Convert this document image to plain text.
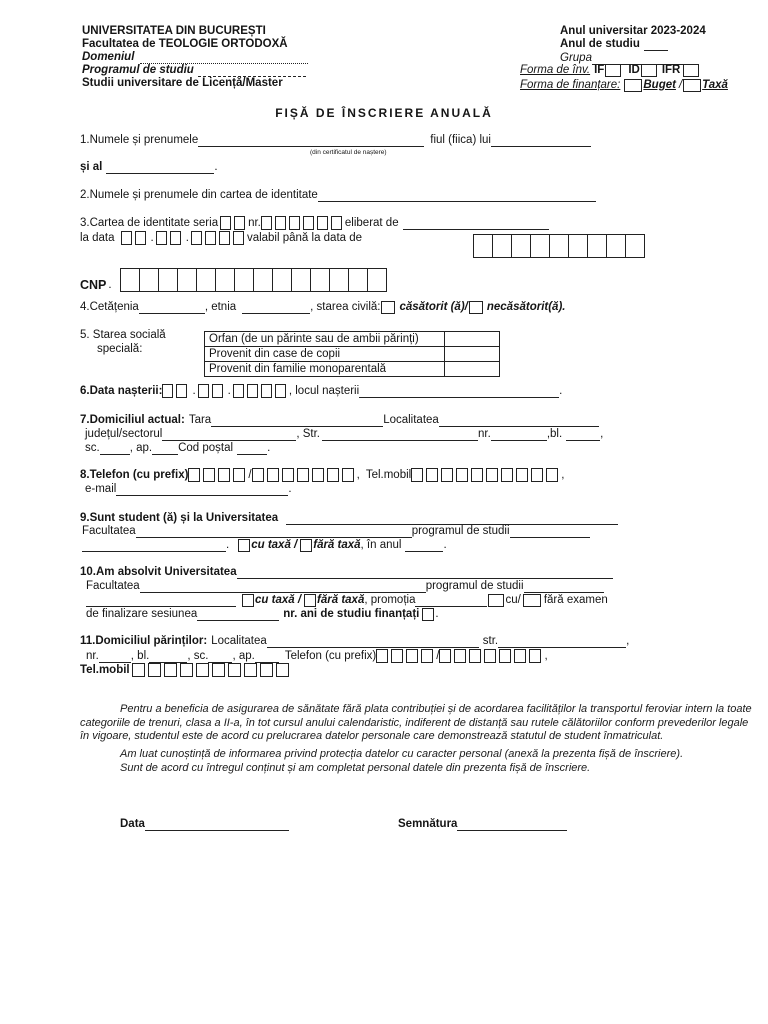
UNIVERSITATEA DIN BUCUREȘTI
Facultatea de TEOLOGIE ORTODOXĂ
Domeniul
Programul de studiu
Studii universitare de Licență/Master
Anul universitar 2023-2024
Anul de studiu
Grupa
Forma de înv. IF ID IFR
Forma de finanțare: Buget / Taxă
FIȘĂ DE ÎNSCRIERE ANUALĂ
1.Numele și prenumele	fiul (fiica) lui
(din certificatul de naștere)
și al	.
2.Numele și prenumele din cartea de identitate
3.Cartea de identitate seria	nr.	eliberat de
la data	.	.	valabil până la data de
CNP .
4.Cetățenia	, etnia	, starea civilă: căsătorit (ă)/ necăsătorit(ă).
5. Starea socială
specială:
Orfan (de un părinte sau de ambii părinți)	
Provenit din case de copii	
Provenit din familie monoparentală	
6.Data nașterii:	.	.	, locul nașterii	.
7.Domiciliul actual: Tara	Localitatea
județul/sectorul	, Str.	nr.	,bl.	,
sc.	, ap. Cod poștal	.
8.Telefon (cu prefix)	/	, Tel.mobil	,
e-mail	.
9.Sunt student (ă) și la Universitatea
Facultatea	programul de studii
. cu taxă / fără taxă , în anul	.
10.Am absolvit Universitatea
Facultatea	programul de studii
cu taxă / fără taxă , promoția	cu/ fără examen
de finalizare sesiunea	nr. ani de studiu finanțați .
11.Domiciliul părinților: Localitatea	str.	,
nr.	, bl.	, sc. , ap.	Telefon (cu prefix)	/	,
Tel.mobil
Pentru a beneficia de asigurarea de sănătate fără plata contribuției și de acordarea facilităților la transportul feroviar intern la toate categoriile de trenuri, clasa a II-a, în tot cursul anului calendaristic, indiferent de distanță sau rutele călătoriilor conform prevederilor legale în vigoare, studentul este de acord cu prelucrarea datelor personale care demonstrează statutul de student înmatriculat.
Am luat cunoștință de informarea privind protecția datelor cu caracter personal (anexă la prezenta fișă de înscriere).
Sunt de acord cu întregul conținut și am completat personal datele din prezenta fișă de înscriere.
Data	Semnătura
